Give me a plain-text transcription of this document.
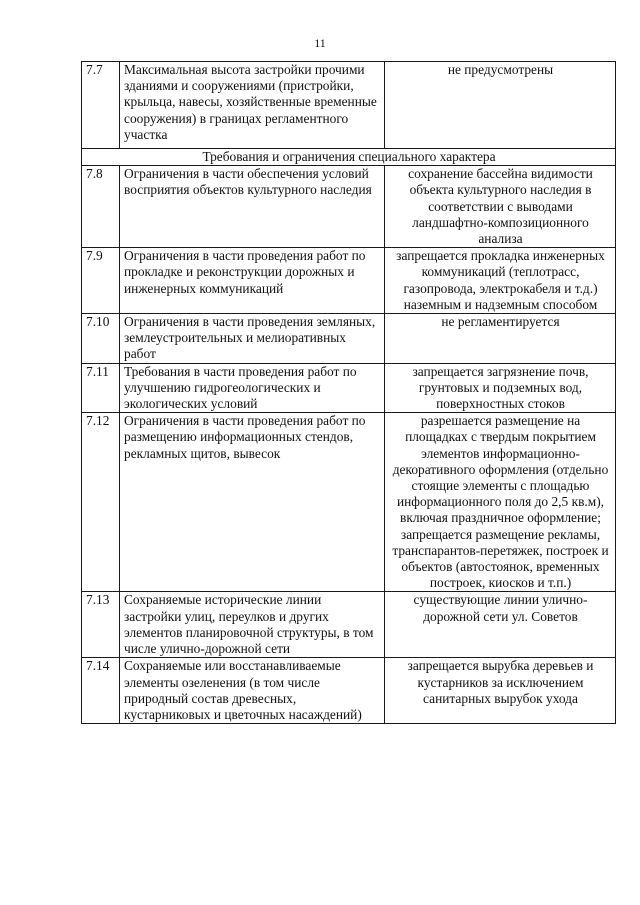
11
7.7	Максимальная высота застройки прочими зданиями и сооружениями (пристройки, крыльца, навесы, хозяйственные временные сооружения) в границах регламентного участка	не предусмотрены
Требования и ограничения специального характера		
7.8	Ограничения в части обеспечения условий восприятия объектов культурного наследия	сохранение бассейна видимости объекта культурного наследия в соответствии с выводами ландшафтно-композиционного анализа
7.9	Ограничения в части проведения работ по прокладке и реконструкции дорожных и инженерных коммуникаций	запрещается прокладка инженерных коммуникаций (теплотрасс, газопровода, электрокабеля и т.д.) наземным и надземным способом
7.10	Ограничения в части проведения земляных, землеустроительных и мелиоративных работ	не регламентируется
7.11	Требования в части проведения работ по улучшению гидрогеологических и экологических условий	запрещается загрязнение почв, грунтовых и подземных вод, поверхностных стоков
7.12	Ограничения в части проведения работ по размещению информационных стендов, рекламных щитов, вывесок	разрешается размещение на площадках с твердым покрытием элементов информационно-декоративного оформления (отдельно стоящие элементы с площадью информационного поля до 2,5 кв.м), включая праздничное оформление; запрещается размещение рекламы, транспарантов-перетяжек, построек и объектов (автостоянок, временных построек, киосков и т.п.)
7.13	Сохраняемые исторические линии застройки улиц, переулков и других элементов планировочной структуры, в том числе улично-дорожной сети	существующие линии улично-дорожной сети ул. Советов
7.14	Сохраняемые или восстанавливаемые элементы озеленения (в том числе природный состав древесных, кустарниковых и цветочных насаждений)	запрещается вырубка деревьев и кустарников за исключением санитарных вырубок ухода
